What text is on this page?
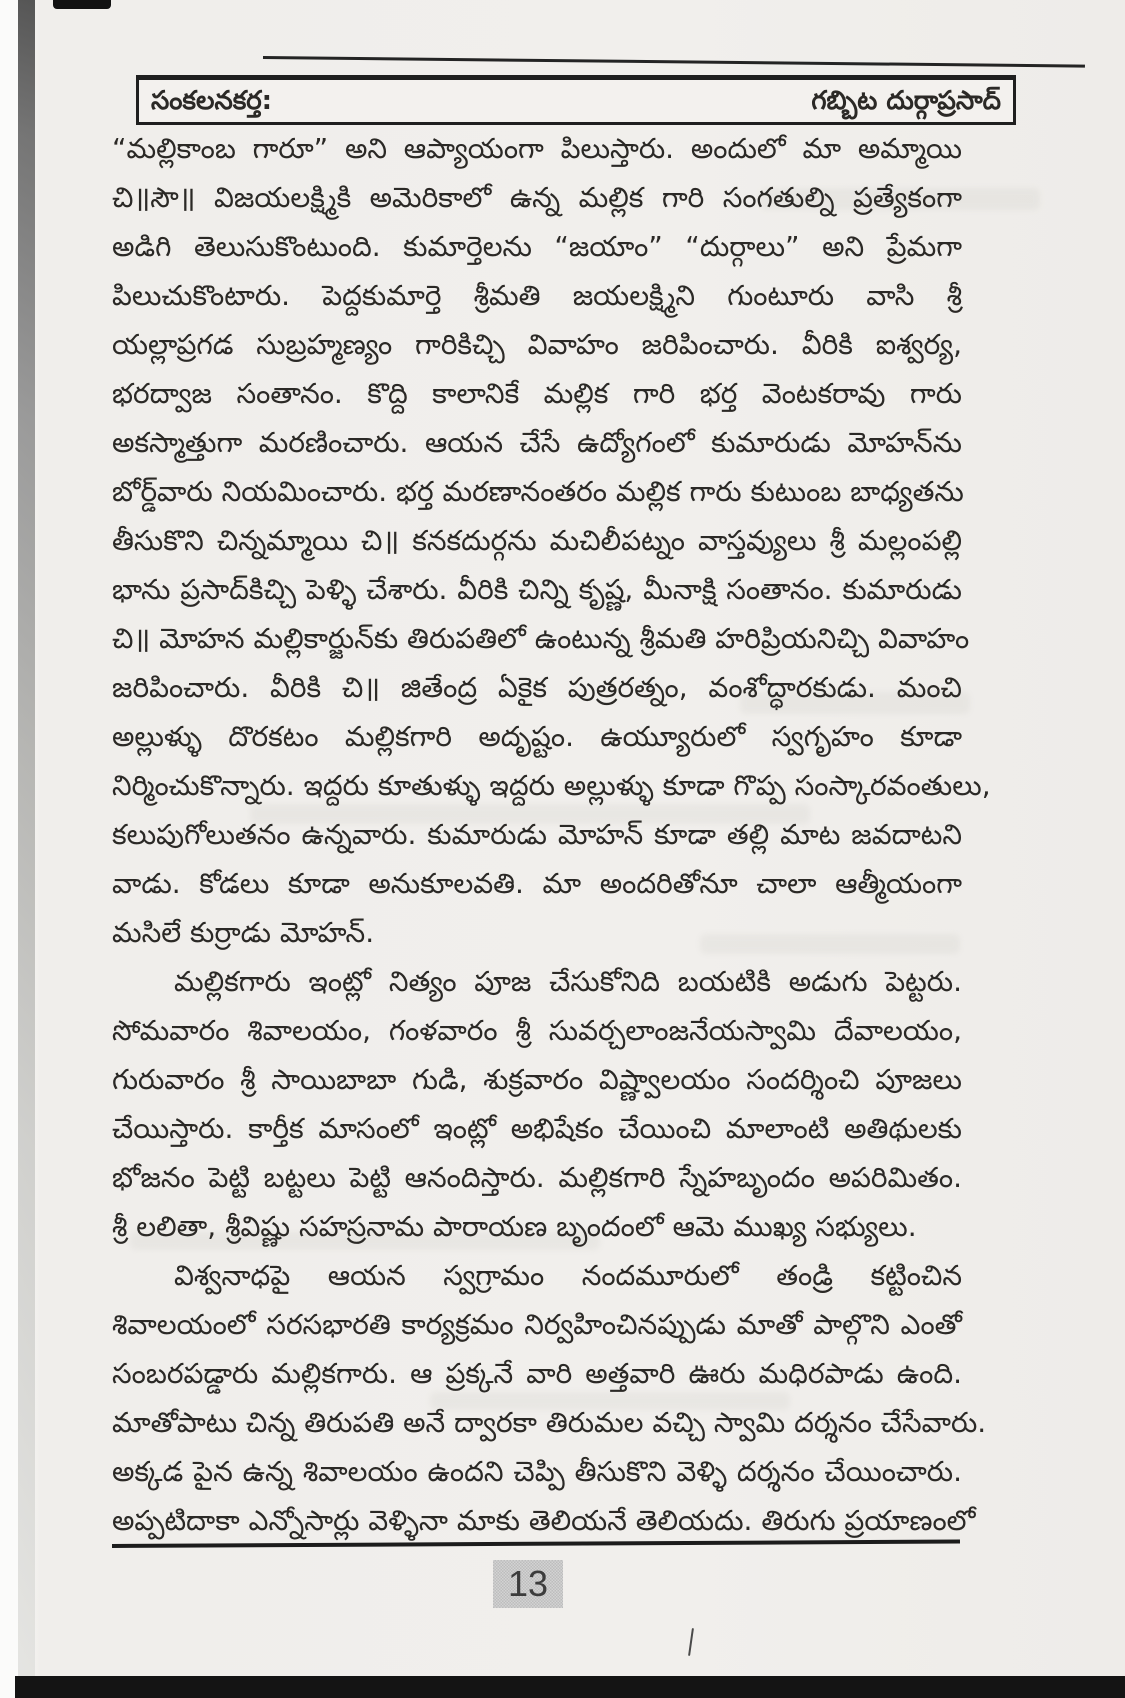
సంకలనకర్త:	గబ్బిట దుర్గాప్రసాద్
“మల్లికాంబ గారూ” అని ఆప్యాయంగా పిలుస్తారు. అందులో మా అమ్మాయి
చి॥సౌ॥ విజయలక్ష్మికి అమెరికాలో ఉన్న మల్లిక గారి సంగతుల్ని ప్రత్యేకంగా
అడిగి తెలుసుకొంటుంది. కుమార్తెలను “జయాం” “దుర్గాలు” అని ప్రేమగా
పిలుచుకొంటారు. పెద్దకుమార్తె శ్రీమతి జయలక్ష్మిని గుంటూరు వాసి శ్రీ
యల్లాప్రగడ సుబ్రహ్మణ్యం గారికిచ్చి వివాహం జరిపించారు. వీరికి ఐశ్వర్య,
భరద్వాజ సంతానం. కొద్ది కాలానికే మల్లిక గారి భర్త వెంటకరావు గారు
అకస్మాత్తుగా మరణించారు. ఆయన చేసే ఉద్యోగంలో కుమారుడు మోహన్‌ను
బోర్డ్‌వారు నియమించారు. భర్త మరణానంతరం మల్లిక గారు కుటుంబ బాధ్యతను
తీసుకొని చిన్నమ్మాయి చి॥ కనకదుర్గను మచిలీపట్నం వాస్తవ్యులు శ్రీ మల్లంపల్లి
భాను ప్రసాద్‌కిచ్చి పెళ్ళి చేశారు. వీరికి చిన్ని కృష్ణ, మీనాక్షి సంతానం. కుమారుడు
చి॥ మోహన మల్లికార్జున్‌కు తిరుపతిలో ఉంటున్న శ్రీమతి హరిప్రియనిచ్చి వివాహం
జరిపించారు. వీరికి చి॥ జితేంద్ర ఏకైక పుత్రరత్నం, వంశోద్ధారకుడు. మంచి
అల్లుళ్ళు దొరకటం మల్లికగారి అదృష్టం. ఉయ్యూరులో స్వగృహం కూడా
నిర్మించుకొన్నారు. ఇద్దరు కూతుళ్ళు ఇద్దరు అల్లుళ్ళు కూడా గొప్ప సంస్కారవంతులు,
కలుపుగోలుతనం ఉన్నవారు. కుమారుడు మోహన్ కూడా తల్లి మాట జవదాటని
వాడు. కోడలు కూడా అనుకూలవతి. మా అందరితోనూ చాలా ఆత్మీయంగా
మసిలే కుర్రాడు మోహన్.
మల్లికగారు ఇంట్లో నిత్యం పూజ చేసుకోనిది బయటికి అడుగు పెట్టరు.
సోమవారం శివాలయం, గంళవారం శ్రీ సువర్చలాంజనేయస్వామి దేవాలయం,
గురువారం శ్రీ సాయిబాబా గుడి, శుక్రవారం విష్ణ్వాలయం సందర్శించి పూజలు
చేయిస్తారు. కార్తీక మాసంలో ఇంట్లో అభిషేకం చేయించి మాలాంటి అతిథులకు
భోజనం పెట్టి బట్టలు పెట్టి ఆనందిస్తారు. మల్లికగారి స్నేహబృందం అపరిమితం.
శ్రీ లలితా, శ్రీవిష్ణు సహస్రనామ పారాయణ బృందంలో ఆమె ముఖ్య సభ్యులు.
విశ్వనాధపై ఆయన స్వగ్రామం నందమూరులో తండ్రి కట్టించిన
శివాలయంలో సరసభారతి కార్యక్రమం నిర్వహించినప్పుడు మాతో పాల్గొని ఎంతో
సంబరపడ్డారు మల్లికగారు. ఆ ప్రక్కనే వారి అత్తవారి ఊరు మధిరపాడు ఉంది.
మాతోపాటు చిన్న తిరుపతి అనే ద్వారకా తిరుమల వచ్చి స్వామి దర్శనం చేసేవారు.
అక్కడ పైన ఉన్న శివాలయం ఉందని చెప్పి తీసుకొని వెళ్ళి దర్శనం చేయించారు.
అప్పటిదాకా ఎన్నోసార్లు వెళ్ళినా మాకు తెలియనే తెలియదు. తిరుగు ప్రయాణంలో
13
